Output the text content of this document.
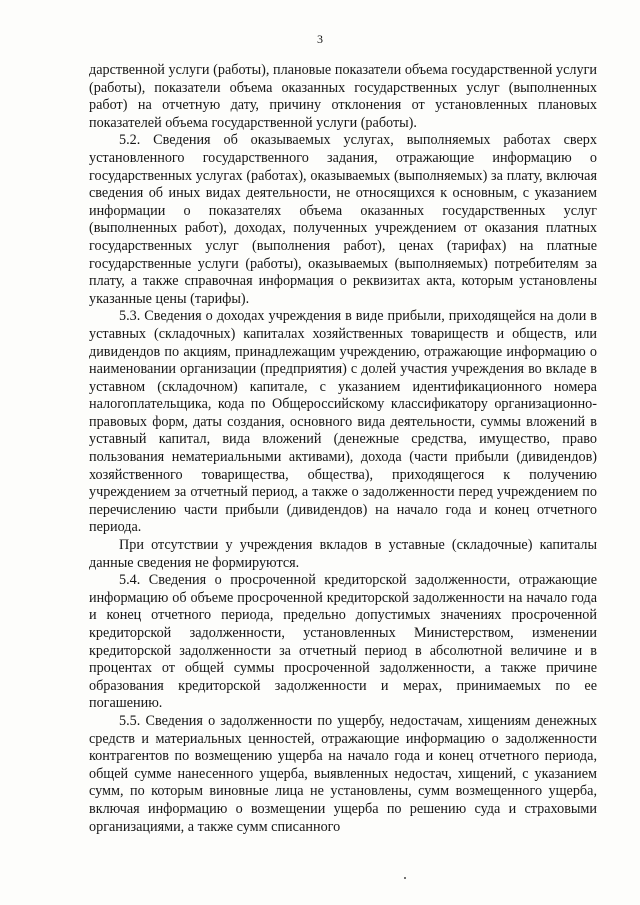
3

дарственной услуги (работы), плановые показатели объема государственной услуги (работы), показатели объема оказанных государственных услуг (выполненных работ) на отчетную дату, причину отклонения от установленных плановых показателей объема государственной услуги (работы).

5.2. Сведения об оказываемых услугах, выполняемых работах сверх установленного государственного задания, отражающие информацию о государственных услугах (работах), оказываемых (выполняемых) за плату, включая сведения об иных видах деятельности, не относящихся к основным, с указанием информации о показателях объема оказанных государственных услуг (выполненных работ), доходах, полученных учреждением от оказания платных государственных услуг (выполнения работ), ценах (тарифах) на платные государственные услуги (работы), оказываемых (выполняемых) потребителям за плату, а также справочная информация о реквизитах акта, которым установлены указанные цены (тарифы).

5.3. Сведения о доходах учреждения в виде прибыли, приходящейся на доли в уставных (складочных) капиталах хозяйственных товариществ и обществ, или дивидендов по акциям, принадлежащим учреждению, отражающие информацию о наименовании организации (предприятия) с долей участия учреждения во вкладе в уставном (складочном) капитале, с указанием идентификационного номера налогоплательщика, кода по Общероссийскому классификатору организационно-правовых форм, даты создания, основного вида деятельности, суммы вложений в уставный капитал, вида вложений (денежные средства, имущество, право пользования нематериальными активами), дохода (части прибыли (дивидендов) хозяйственного товарищества, общества), приходящегося к получению учреждением за отчетный период, а также о задолженности перед учреждением по перечислению части прибыли (дивидендов) на начало года и конец отчетного периода.

При отсутствии у учреждения вкладов в уставные (складочные) капиталы данные сведения не формируются.

5.4. Сведения о просроченной кредиторской задолженности, отражающие информацию об объеме просроченной кредиторской задолженности на начало года и конец отчетного периода, предельно допустимых значениях просроченной кредиторской задолженности, установленных Министерством, изменении кредиторской задолженности за отчетный период в абсолютной величине и в процентах от общей суммы просроченной задолженности, а также причине образования кредиторской задолженности и мерах, принимаемых по ее погашению.

5.5. Сведения о задолженности по ущербу, недостачам, хищениям денежных средств и материальных ценностей, отражающие информацию о задолженности контрагентов по возмещению ущерба на начало года и конец отчетного периода, общей сумме нанесенного ущерба, выявленных недостач, хищений, с указанием сумм, по которым виновные лица не установлены, сумм возмещенного ущерба, включая информацию о возмещении ущерба по решению суда и страховыми организациями, а также сумм списанного
